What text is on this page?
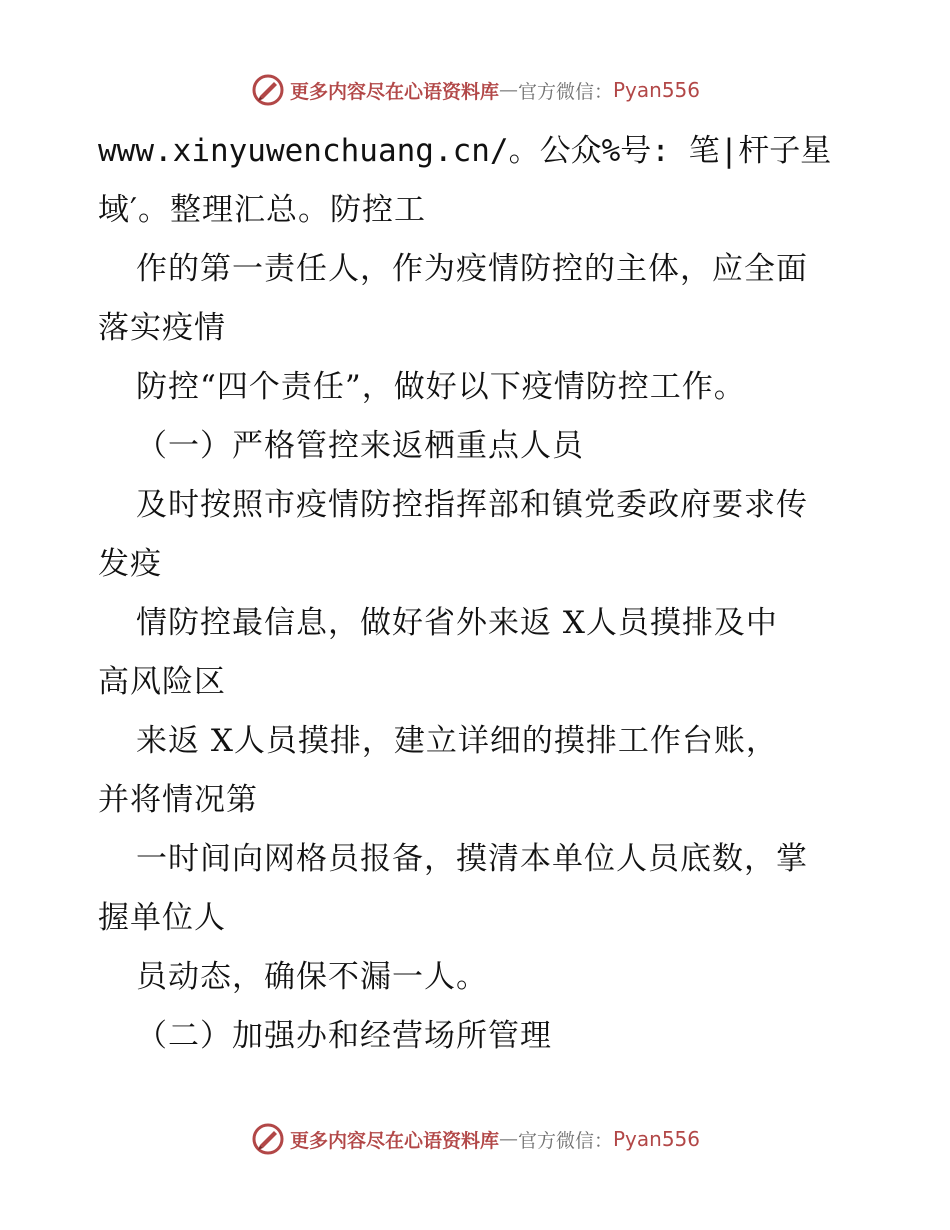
更多内容尽在心语资料库 — 官方微信： Pyan556
www.xinyuwenchuang.cn/。公众%号: 笔|杆子星
域′。整理汇总。防控工
作的第一责任人，作为疫情防控的主体，应全面
落实疫情
防控“四个责任”，做好以下疫情防控工作。
（一）严格管控来返栖重点人员
及时按照市疫情防控指挥部和镇党委政府要求传
发疫
情防控最信息，做好省外来返 X人员摸排及中
高风险区
来返 X人员摸排，建立详细的摸排工作台账，
并将情况第
一时间向网格员报备，摸清本单位人员底数，掌
握单位人
员动态，确保不漏一人。
（二）加强办和经营场所管理
更多内容尽在心语资料库 — 官方微信： Pyan556
